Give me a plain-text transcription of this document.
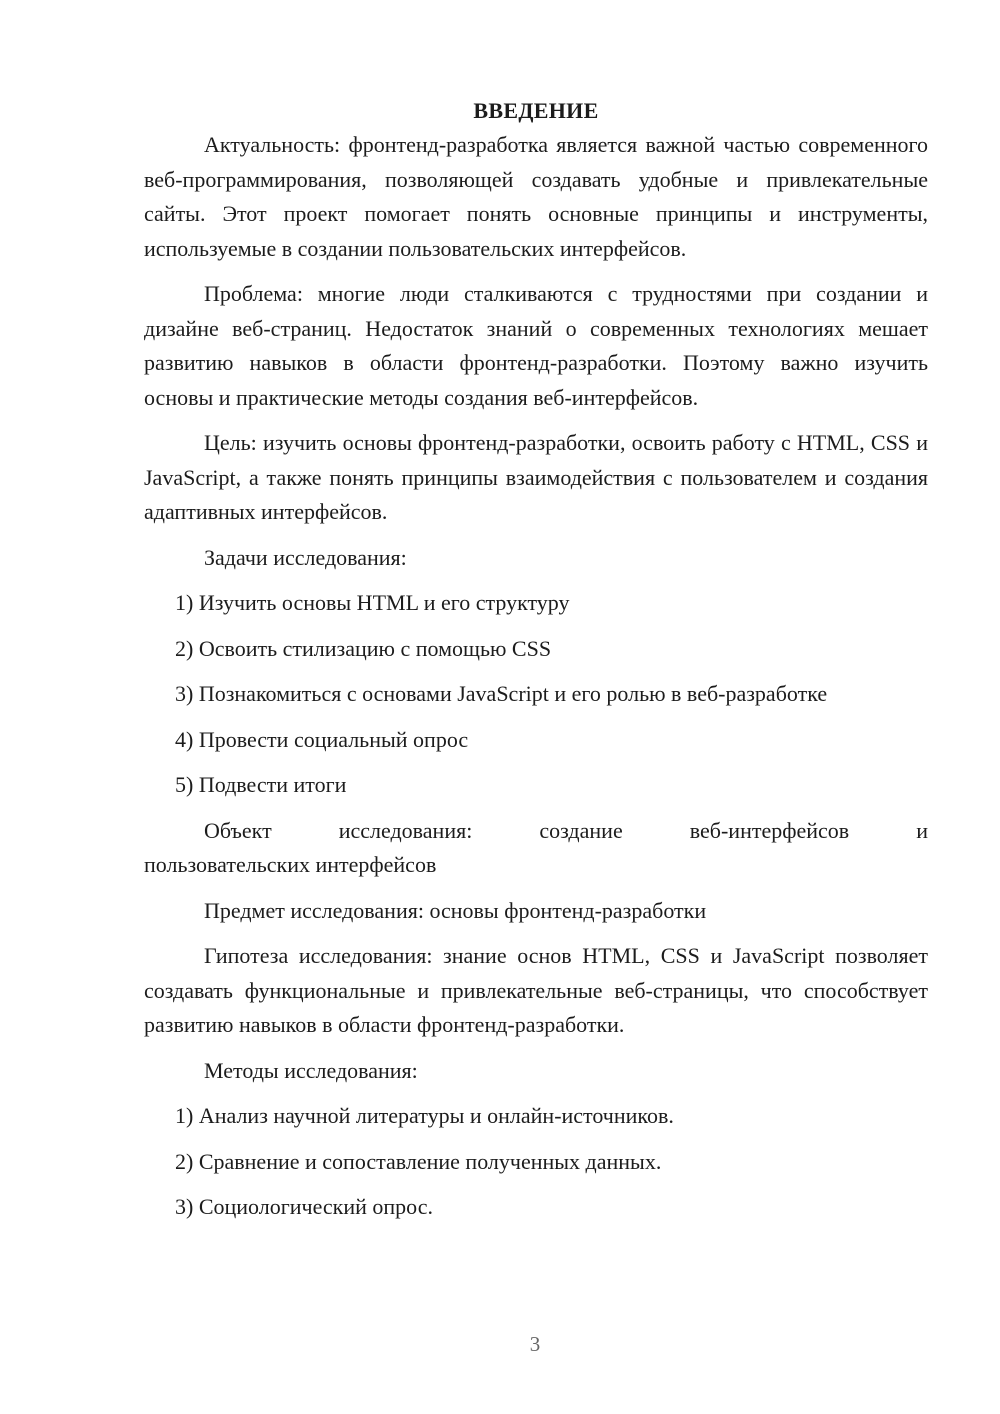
ВВЕДЕНИЕ

Актуальность: фронтенд-разработка является важной частью современного веб-программирования, позволяющей создавать удобные и привлекательные сайты. Этот проект помогает понять основные принципы и инструменты, используемые в создании пользовательских интерфейсов.

Проблема: многие люди сталкиваются с трудностями при создании и дизайне веб-страниц. Недостаток знаний о современных технологиях мешает развитию навыков в области фронтенд-разработки. Поэтому важно изучить основы и практические методы создания веб-интерфейсов.

Цель: изучить основы фронтенд-разработки, освоить работу с HTML, CSS и JavaScript, а также понять принципы взаимодействия с пользователем и создания адаптивных интерфейсов.

Задачи исследования:
1) Изучить основы HTML и его структуру
2) Освоить стилизацию с помощью CSS
3) Познакомиться с основами JavaScript и его ролью в веб-разработке
4) Провести социальный опрос
5) Подвести итоги
Объект	исследования:	создание	веб-интерфейсов	и
пользовательских интерфейсов
Предмет исследования: основы фронтенд-разработки

Гипотеза исследования: знание основ HTML, CSS и JavaScript позволяет создавать функциональные и привлекательные веб-страницы, что способствует развитию навыков в области фронтенд-разработки.

Методы исследования:
1) Анализ научной литературы и онлайн-источников.
2) Сравнение и сопоставление полученных данных.
3) Социологический опрос.
3
